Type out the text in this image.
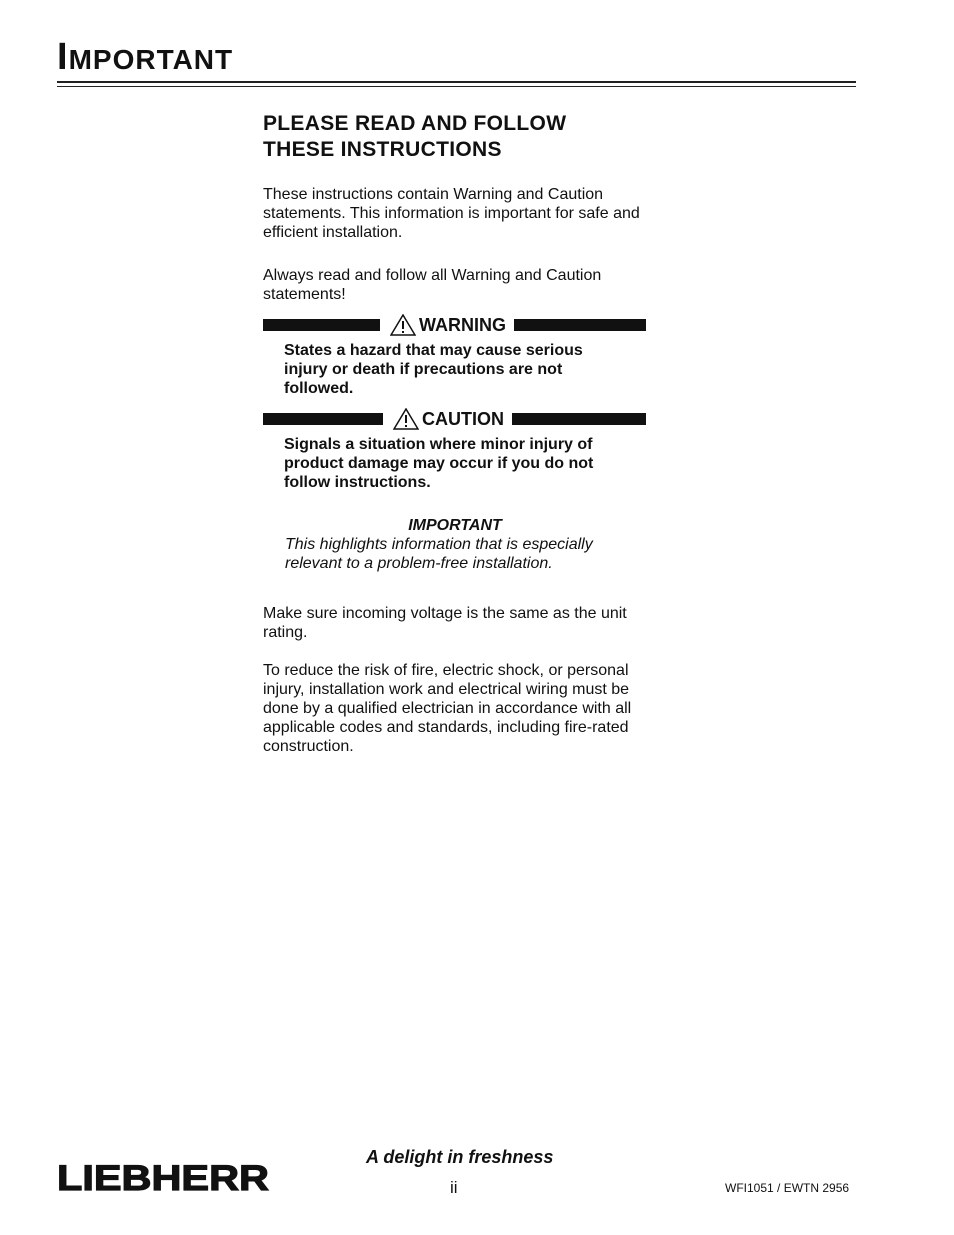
IMPORTANT
PLEASE READ AND FOLLOW
THESE INSTRUCTIONS

These instructions contain Warning and Caution statements. This information is important for safe and efficient installation.

Always read and follow all Warning and Caution statements!

WARNING

States a hazard that may cause serious injury or death if precautions are not followed.

CAUTION

Signals a situation where minor injury of product damage may occur if you do not follow instructions.

IMPORTANT

This highlights information that is especially relevant to a problem-free installation.

Make sure incoming voltage is the same as the unit rating.

To reduce the risk of fire, electric shock, or personal injury, installation work and electrical wiring must be done by a qualified electrician in accordance with all applicable codes and standards, including fire-rated construction.

A delight in freshness
LIEBHERR	ii	WFI1051 / EWTN 2956
